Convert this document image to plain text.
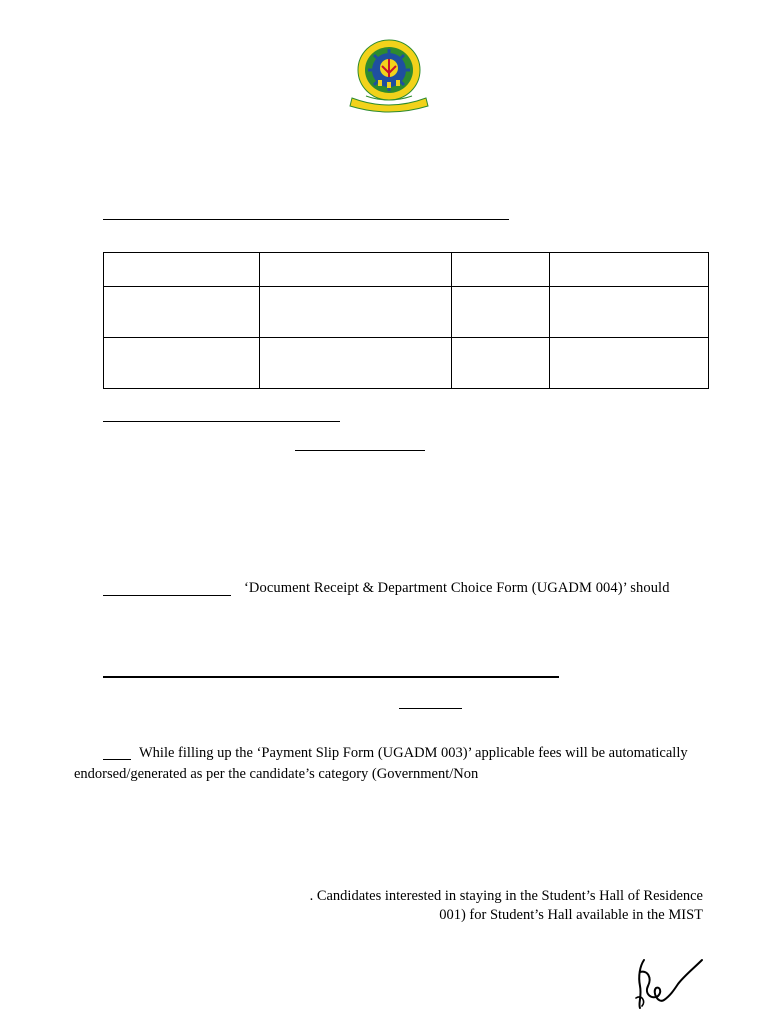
‘Document Receipt & Department Choice Form (UGADM 004)’ should
While filling up the ‘Payment Slip Form (UGADM 003)’ applicable fees will be automatically
endorsed/generated as per the candidate’s category (Government/Non
. Candidates interested in staying in the Student’s Hall of Residence
001) for Student’s Hall available in the MIST
